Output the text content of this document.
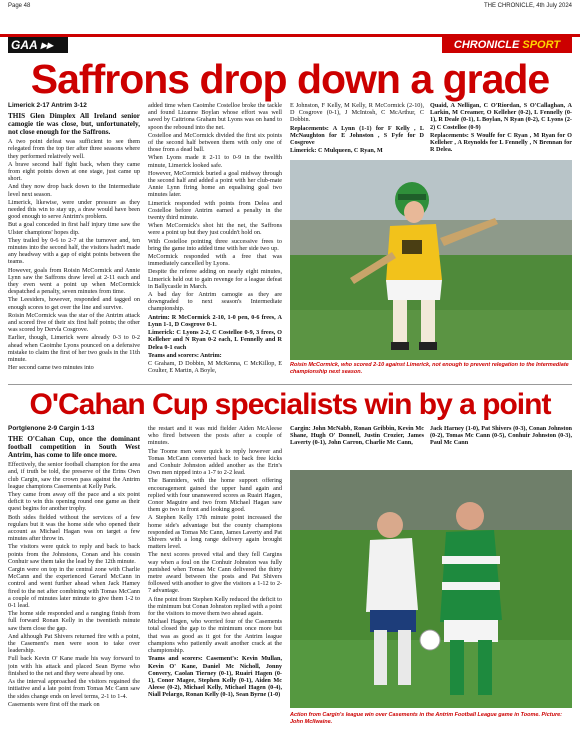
Page 48	THE CHRONICLE, 4th July 2024
GAA ▸▸	CHRONICLE SPORT
Saffrons drop down a grade
Limerick 2-17 Antrim 3-12
THIS Glen Dimplex All Ireland senior camogie tie was close, but, unfortunately, not close enough for the Saffrons.

A two point defeat was sufficient to see them relegated from the top tier after three seasons where they performed relatively well.

A brave second half fight back, when they came from eight points down at one stage, just came up short.

And they now drop back down to the Intermediate level next season.

Limerick, likewise, were under pressure as they needed this win to stay up, a draw would have been good enough to serve Antrim's problem.

But a goal conceded in first half injury time saw the Ulster champions' hopes dip.

They trailed by 0-6 to 2-7 at the turnover and, ten minutes into the second half, the visitors hadn't made any headway with a gap of eight points between the teams.

However, goals from Roisin McCormick and Annie Lynn saw the Saffrons draw level at 2-11 each and they even went a point up when McCormick despatched a penalty, seven minutes from time.

The Leesiders, however, responded and tagged on enough scores to get over the line and survive.

Roisin McCormick was the star of the Antrim attack and scored five of their six first half points; the other was scored by Dervla Cosgrove.

Earlier, though, Limerick were already 0-3 to 0-2 ahead when Caoimhe Lyons pounced on a defensive mistake to claim the first of her two goals in the 11th minute.

Her second came two minutes into

added time when Caoimhe Costelloe broke the tackle and found Lizanne Boylan whose effort was well saved by Caitriona Graham but Lyons was on hand to spoon the rebound into the net.

Costelloe and McCormick divided the first six points of the second half between them with only one of those from a dead ball.

When Lyons made it 2-11 to 0-9 in the twelfth minute, Limerick looked safe.

However, McCormick buried a goal midway through the second half and added a point with her club-mate Annie Lynn firing home an equalising goal two minutes later.

Limerick responded with points from Delea and Costelloe before Antrim earned a penalty in the twenty third minute.

When McCormick's shot hit the net, the Saffrons were a point up but they just couldn't hold on.

With Costelloe pointing three successive frees to bring the game into added time with her side two up.

McCormick responded with a free that was immediately cancelled by Lyons.

Despite the referee adding on nearly eight minutes, Limerick held out to gain revenge for a league defeat in Ballycastle in March.

A bad day for Antrim camogie as they are downgraded to next season's Intermediate championship.

Antrim: R McCormick 2-10, 1-0 pen, 0-6 frees, A Lynn 1-1, D Cosgrove 0-1.

Limerick: C Lyons 2-2, C Costelloe 0-9, 3 frees, O Kelleher and N Ryan 0-2 each, L Fennelly and R Delea 0-1 each

Teams and scorers: Antrim:

C Graham, D Dobbin, M McKenna, C McKillop, E Coulter, E Martin, A Boyle,

E Johnston, F Kelly, M Kelly, R McCormick (2-10), D Cosgrove (0-1), J McIntosh, C McArthur, C Dobbin.

Replacements: A Lynn (1-1) for F Kelly , L McNaughton for E Johnston , S Fyfe for D Cosgrove

Limerick: C Mulqueen, C Ryan, M

Quaid, A Nelligan, C O'Riordan, S O'Callaghan, A Larkin, M Creamer, O Kelleher (0-2), L Fennelly (0-1), R Deale (0-1), L Boylan, N Ryan (0-2), C Lyons (2-2) C Costelloe (0-9)

Replacements: S Woulfe for C Ryan , M Ryan for O Kelleher , A Reynolds for L Fennelly , N Brennan for R Delea.

Roisin McCormick, who scored 2-10 against Limerick, not enough to prevent relegation to the Intermediate championship next season.
O'Cahan Cup specialists win by a point
Portglenone 2-9 Cargin 1-13
THE O'Cahan Cup, once the dominant football competition in South West Antrim, has come to life once more.

Effectively, the senior football champion for the area and, if truth be told, the preserve of the Erins Own club Cargin, saw the crown pass against the Antrim league champions Casements at Kelly Park.

They came from away off the pace and a six point deficit to win this opening round one game as their quest begins for another trophy.

Both sides fielded without the services of a few regulars but it was the home side who opened their account as Michael Hagan was on target a few minutes after throw in.

The visitors were quick to reply and back to back points from the Johnstons, Conan and his cousin Conhuir saw them take the lead by the 12th minute.

Cargin were on top in the central zone with Charlie McCann and the experienced Gerard McCann in control and went further ahead when Jack Hamey fired to the net after combining with Tomas McCann a couple of minutes later minute to give them 1-2 to 0-1 lead.

The home side responded and a ranging finish from full forward Ronan Kelly in the twentieth minute saw them close the gap.

And although Pat Shivers returned fire with a point, the Casement's men were soon to take over leadership.

Full back Kevin O' Kane made his way forward to join with his attack and placed Sean Byrne who finished to the net and they were ahead by one.

As the interval approached the visitors regained the initiative and a late point from Tomas Mc Cann saw the sides change ends on level terms, 2-1 to 1-4.

Casements were first off the mark on

the restart and it was mid fielder Aiden McAleese who fired between the posts after a couple of minutes.

The Toome men were quick to reply however and Tomas McCann converted back to back free kicks and Conhuir Johnston added another as the Erin's Own men nipped into a 1-7 to 2-2 lead.

The Banniders, with the home support offering encouragement gained the upper hand again and replied with four unanswered scores as Ruairi Hagen, Conor Maguire and two from Michael Hagan saw them go two in front and looking good.

A Stephen Kelly 17th minute point increased the home side's advantage but the county champions responded as Tomas Mc Cann, James Laverty and Pat Shivers with a long range delivery again brought matters level.

The next scores proved vital and they fell Cargins way when a foul on the Conhuir Johnston was fully punished when Tomas Mc Cann delivered the thirty metre award between the posts and Pat Shivers followed with another to give the visitors a 1-12 to 2-7 advantage.

A fine point from Stephen Kelly reduced the deficit to the minimum but Conan Johnston replied with a point for the visitors to move them two ahead again.

Michael Hagen, who worried four of the Casements total closed the gap to the minimum once more but that was as good as it got for the Antrim league champions who patiently await another crack at the championship.

Teams and scorers: Casement's: Kevin Mullan, Kevin O' Kane, Daniel Mc Nicholl, Jonny Convery, Caolan Tierney (0-1), Ruairi Hagen (0-1), Conor Magee, Stephen Kelly (0-1), Aiden Mc Aleese (0-2), Michael Kelly, Michael Hagen (0-4), Niall Pelargo, Ronan Kelly (0-1), Sean Byrne (1-0)

Cargin: John McNabb, Ronan Gribbin, Kevin Mc Shane, Hugh O' Donnell, Justin Crozier, James Laverty (0-1), John Carron, Charlie Mc Cann,

Jack Harney (1-0), Pat Shivers (0-3), Conan Johnston (0-2), Tomas Mc Cann (0-5), Conhuir Johnston (0-3), Paul Mc Cann

Action from Cargin's league win over Casements in the Antrim Football League game in Toome. Picture: John McIlwaine.
